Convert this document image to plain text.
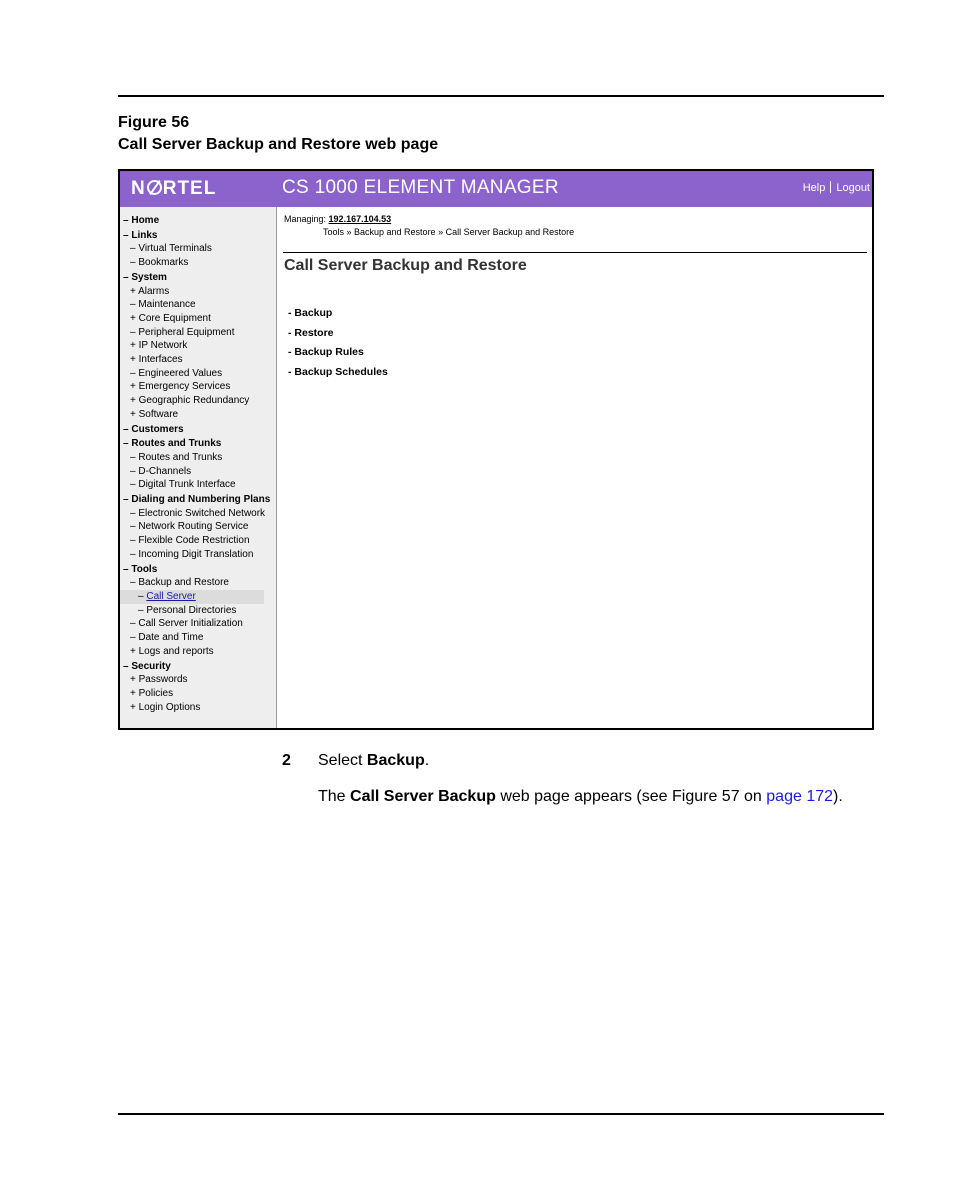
Figure 56
Call Server Backup and Restore web page
N RTEL	CS 1000 ELEMENT MANAGER	Help Logout
– Home
– Links
– Virtual Terminals
– Bookmarks
– System
+ Alarms
– Maintenance
+ Core Equipment
– Peripheral Equipment
+ IP Network
+ Interfaces
– Engineered Values
+ Emergency Services
+ Geographic Redundancy
+ Software
– Customers
– Routes and Trunks
– Routes and Trunks
– D-Channels
– Digital Trunk Interface
– Dialing and Numbering Plans
– Electronic Switched Network
– Network Routing Service
– Flexible Code Restriction
– Incoming Digit Translation
– Tools
– Backup and Restore
– Call Server
– Personal Directories
– Call Server Initialization
– Date and Time
+ Logs and reports
– Security
+ Passwords
+ Policies
+ Login Options
Managing: 192.167.104.53
Tools » Backup and Restore » Call Server Backup and Restore
Call Server Backup and Restore
- Backup
- Restore
- Backup Rules
- Backup Schedules
2 Select Backup.
The Call Server Backup web page appears (see Figure 57 on page 172).
